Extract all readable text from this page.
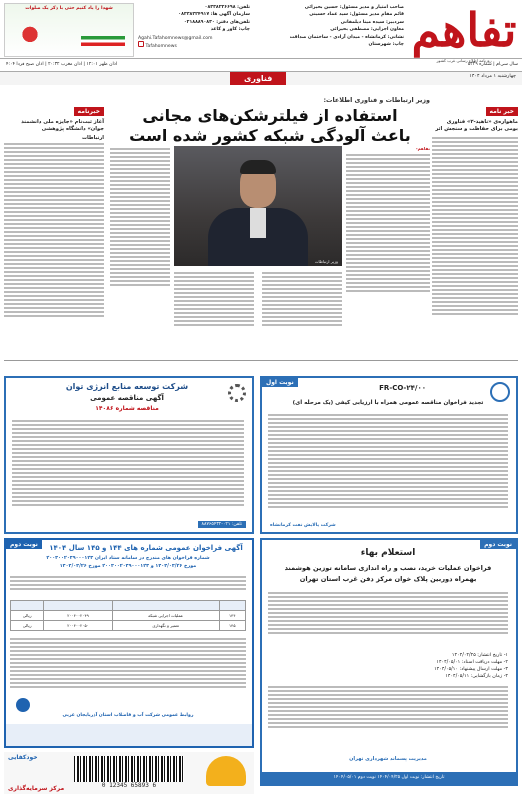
تفاهم
روزنامه اطلاع رسانی غرب کشور
صاحب امتیاز و مدیر مسئول: حسین بحیرائی
قائم مقام مدیر مسئول: سید عماد حسینی
سردبیر: سیده مینا دیلمقانی
معاون اجرایی: مصطفی بحیرائی
نشانی: کرمانشاه - میدان آزادی - ساختمان صداقت
چاپ: شهرستان
تلفن: ۰۸۳۳۸۲۲۶۶۹۸
سازمان آگهی ها: ۰۸۳۳۸۲۲۴۹۱۷
تلفن‌های دفتر: ۰۲۱۸۸۸۹۰۸۳۰
چاپ: کاور و کاغذ
Agahi.Tafahomnews@gmail.com
Tafahomnews
شهدا را یاد کنیم حتی با ذکر یک صلوات
سال سی‌ام | شماره ۵۳۲۹
اذان ظهر ۱۲:۰۱ | اذان مغرب ۲۰:۳۲ | اذان صبح فردا ۴:۰۴
چهارشنبه ۱ مرداد ۱۴۰۴
فناوری
خبر نامه
ماهواره‌ی «ناهید-۲» فناوری بومی برای حفاظت و سنجش اثر
خبرنامه
آغاز ثبت‌نام «جایزه ملی دانشمند جوان» دانشگاه پژوهشی
ارتباطات
وزیر ارتباطات و فناوری اطلاعات:
استفاده از فیلترشکن‌های مجانی
باعث آلودگی شبکه کشور شده است
وزیر ارتباطات
تفاهم-
نوبت اول
FR-CO-۲۴/۰۰
تجدید فراخوان مناقصه عمومی همراه با ارزیابی کیفی (یک مرحله ای)
شرکت پالایش نفت کرمانشاه
شرکت توسعه منابع انرژی توان
آگهی مناقصه عمومی
مناقصه شماره ۱۴۰۸۶
تلفن: ۰۲۱-۸۸۷۶۵۴۳۲
نوبت دوم	آگهی فراخوان عمومی شماره های ۱۴۴ و ۱۴۵ سال ۱۴۰۴
شماره فراخوان های مندرج در سامانه ستاد ایران ۲۰۰۴۰۰۲۰۴۹۰۰۰۱۲۳
مورخ ۱۴۰۴/۰۴/۲۶ و ۲۰۰۴۰۰۲۰۴۹۰۰۰۱۲۳ مورخ ۱۴۰۴/۰۴/۲۶

۱۴۴	عملیات اجرایی شبکه	۲۰۰۴۰۰۲۰۴۹	ریالی
۱۴۵	تعمیر و نگهداری	۲۰۰۴۰۰۲۰۵۰	ریالی
روابط عمومی شرکت آب و فاضلاب استان آذربایجان غربی
نوبت دوم
استعلام بهاء
فراخوان عملیات خرید، نصب و راه اندازی سامانه توزین هوشمند
بهمراه دوربین پلاک خوان مرکز دفن غرب استان تهران
۱- تاریخ انتشار: ۱۴۰۴/۰۴/۲۵
۲- مهلت دریافت اسناد: ۱۴۰۴/۰۵/۰۱
۳- مهلت ارسال پیشنهاد: ۱۴۰۴/۰۵/۱۰
۴- زمان بازگشایی: ۱۴۰۴/۰۵/۱۱
مدیریت پسماند شهرداری تهران
تاریخ انتشار: نوبت اول ۱۴۰۴/۰۴/۲۵ نوبت دوم ۱۴۰۴/۰۵/۰۱
خودکفایی
مرکز سرمایه‌گذاری	0 12345 65893 6
